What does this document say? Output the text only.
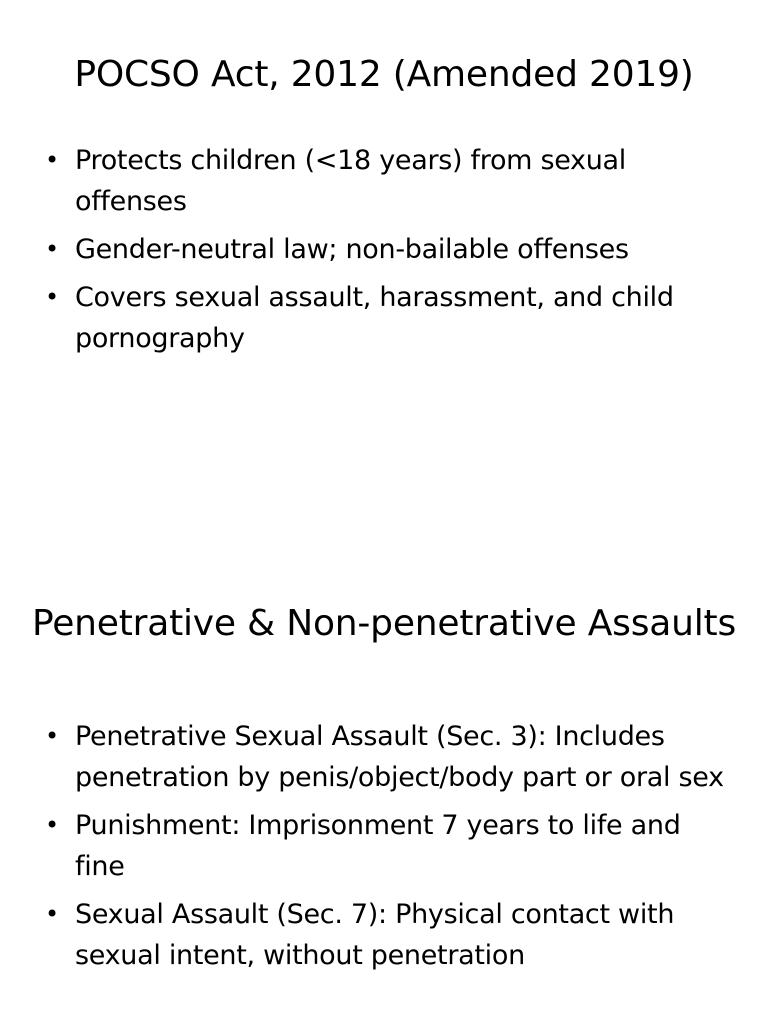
POCSO Act, 2012 (Amended 2019)
• Protects children (<18 years) from sexual offenses
• Gender-neutral law; non-bailable offenses
• Covers sexual assault, harassment, and child pornography
Penetrative & Non-penetrative Assaults
• Penetrative Sexual Assault (Sec. 3): Includes penetration by penis/object/body part or oral sex
• Punishment: Imprisonment 7 years to life and fine
• Sexual Assault (Sec. 7): Physical contact with sexual intent, without penetration
